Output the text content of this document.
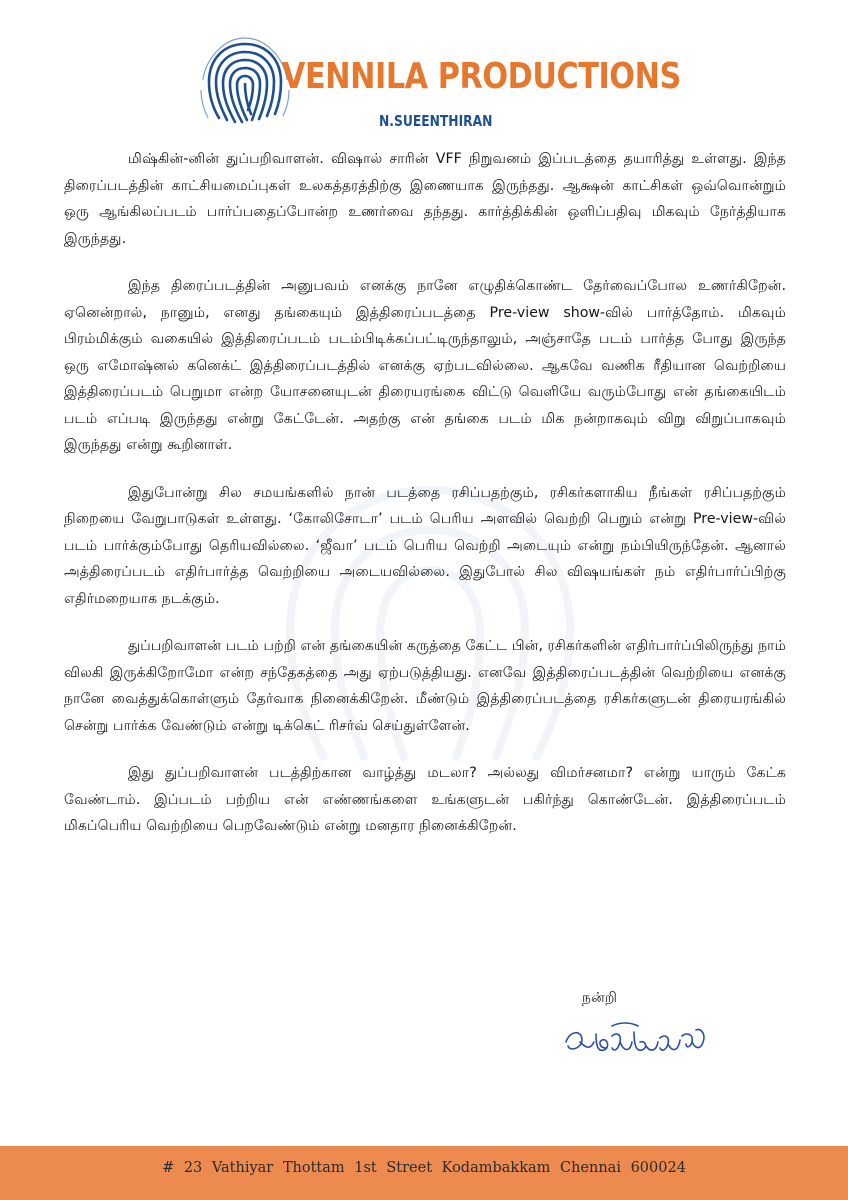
VENNILA PRODUCTIONS
N.SUEENTHIRAN

மிஷ்கின்-னின் துப்பறிவாளன். விஷால் சாரின் VFF நிறுவனம் இப்படத்தை தயாரித்து உள்ளது. இந்த திரைப்படத்தின் காட்சியமைப்புகள் உலகத்தரத்திற்கு இணையாக இருந்தது. ஆக்ஷன் காட்சிகள் ஒவ்வொன்றும் ஒரு ஆங்கிலப்படம் பார்ப்பதைப்போன்ற உணர்வை தந்தது. கார்த்திக்கின் ஒளிப்பதிவு மிகவும் நேர்த்தியாக இருந்தது.

இந்த திரைப்படத்தின் அனுபவம் எனக்கு நானே எழுதிக்கொண்ட தேர்வைப்போல உணர்கிறேன். ஏனென்றால், நானும், எனது தங்கையும் இத்திரைப்படத்தை Pre-view show-வில் பார்த்தோம். மிகவும் பிரம்மிக்கும் வகையில் இத்திரைப்படம் படம்பிடிக்கப்பட்டிருந்தாலும், அஞ்சாதே படம் பார்த்த போது இருந்த ஒரு எமோஷ்னல் கனெக்ட் இத்திரைப்படத்தில் எனக்கு ஏற்படவில்லை. ஆகவே வணிக ரீதியான வெற்றியை இத்திரைப்படம் பெறுமா என்ற யோசனையுடன் திரையரங்கை விட்டு வெளியே வரும்போது என் தங்கையிடம் படம் எப்படி இருந்தது என்று கேட்டேன். அதற்கு என் தங்கை படம் மிக நன்றாகவும் விறு விறுப்பாகவும் இருந்தது என்று கூறினாள்.

இதுபோன்று சில சமயங்களில் நான் படத்தை ரசிப்பதற்கும், ரசிகர்களாகிய நீங்கள் ரசிப்பதற்கும் நிறையை வேறுபாடுகள் உள்ளது. ‘கோலிசோடா’ படம் பெரிய அளவில் வெற்றி பெறும் என்று Pre-view-வில் படம் பார்க்கும்போது தெரியவில்லை. ‘ஜீவா’ படம் பெரிய வெற்றி அடையும் என்று நம்பியிருந்தேன். ஆனால் அத்திரைப்படம் எதிர்பார்த்த வெற்றியை அடையவில்லை. இதுபோல் சில விஷயங்கள் நம் எதிர்பார்ப்பிற்கு எதிர்மறையாக நடக்கும்.

துப்பறிவாளன் படம் பற்றி என் தங்கையின் கருத்தை கேட்ட பின், ரசிகர்களின் எதிர்பார்ப்பிலிருந்து நாம் விலகி இருக்கிறோமோ என்ற சந்தேகத்தை அது ஏற்படுத்தியது. எனவே இத்திரைப்படத்தின் வெற்றியை எனக்கு நானே வைத்துக்கொள்ளும் தேர்வாக நினைக்கிறேன். மீண்டும் இத்திரைப்படத்தை ரசிகர்களுடன் திரையரங்கில் சென்று பார்க்க வேண்டும் என்று டிக்கெட் ரிசர்வ் செய்துள்ளேன்.

இது துப்பறிவாளன் படத்திற்கான வாழ்த்து மடலா? அல்லது விமர்சனமா? என்று யாரும் கேட்க வேண்டாம். இப்படம் பற்றிய என் எண்ணங்களை உங்களுடன் பகிர்ந்து கொண்டேன். இத்திரைப்படம் மிகப்பெரிய வெற்றியை பெறவேண்டும் என்று மனதார நினைக்கிறேன்.

நன்றி
# 23 Vathiyar Thottam 1st Street Kodambakkam Chennai 600024
